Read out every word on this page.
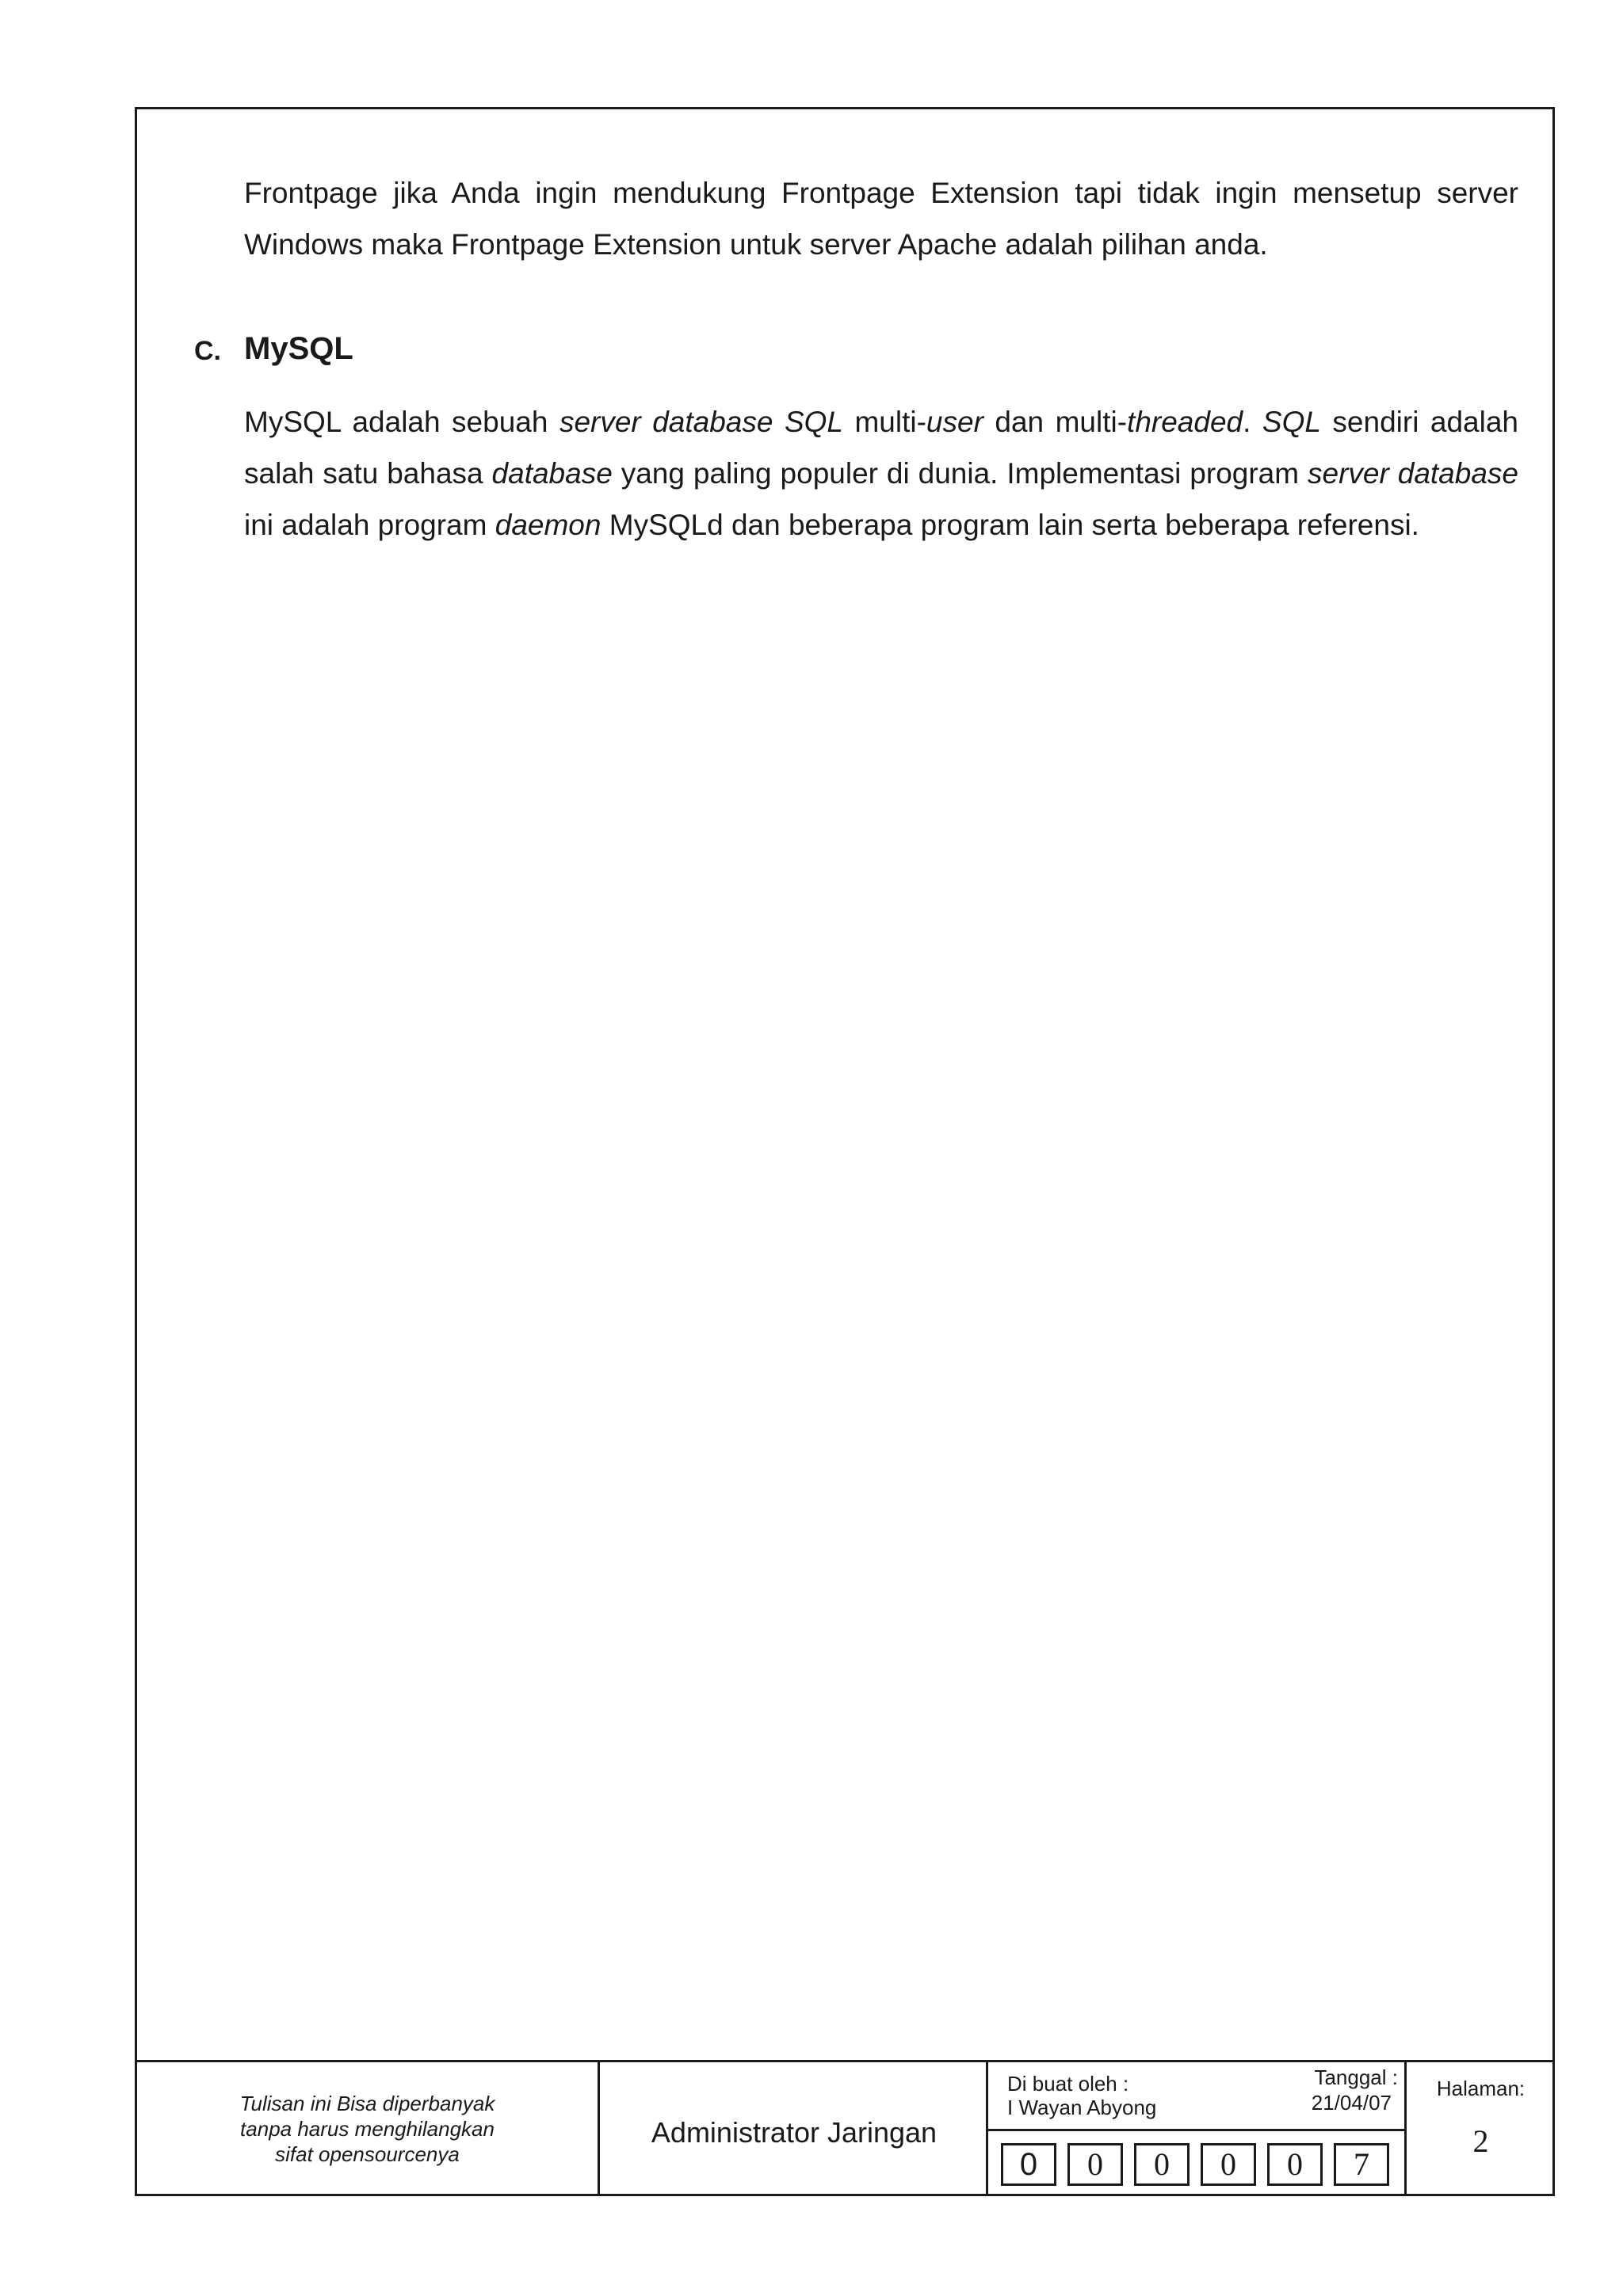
Frontpage jika Anda ingin mendukung Frontpage Extension tapi tidak ingin mensetup server Windows maka Frontpage Extension untuk server Apache adalah pilihan anda.
C. MySQL
MySQL adalah sebuah server database SQL multi-user dan multi-threaded. SQL sendiri adalah salah satu bahasa database yang paling populer di dunia. Implementasi program server database ini adalah program daemon MySQLd dan beberapa program lain serta beberapa referensi.
Tulisan ini Bisa diperbanyak
tanpa harus menghilangkan
sifat opensourcenya
Administrator Jaringan
Di buat oleh :
I Wayan Abyong
Tanggal :
21/04/07
0	0	0	0	0	7
Halaman:
2
